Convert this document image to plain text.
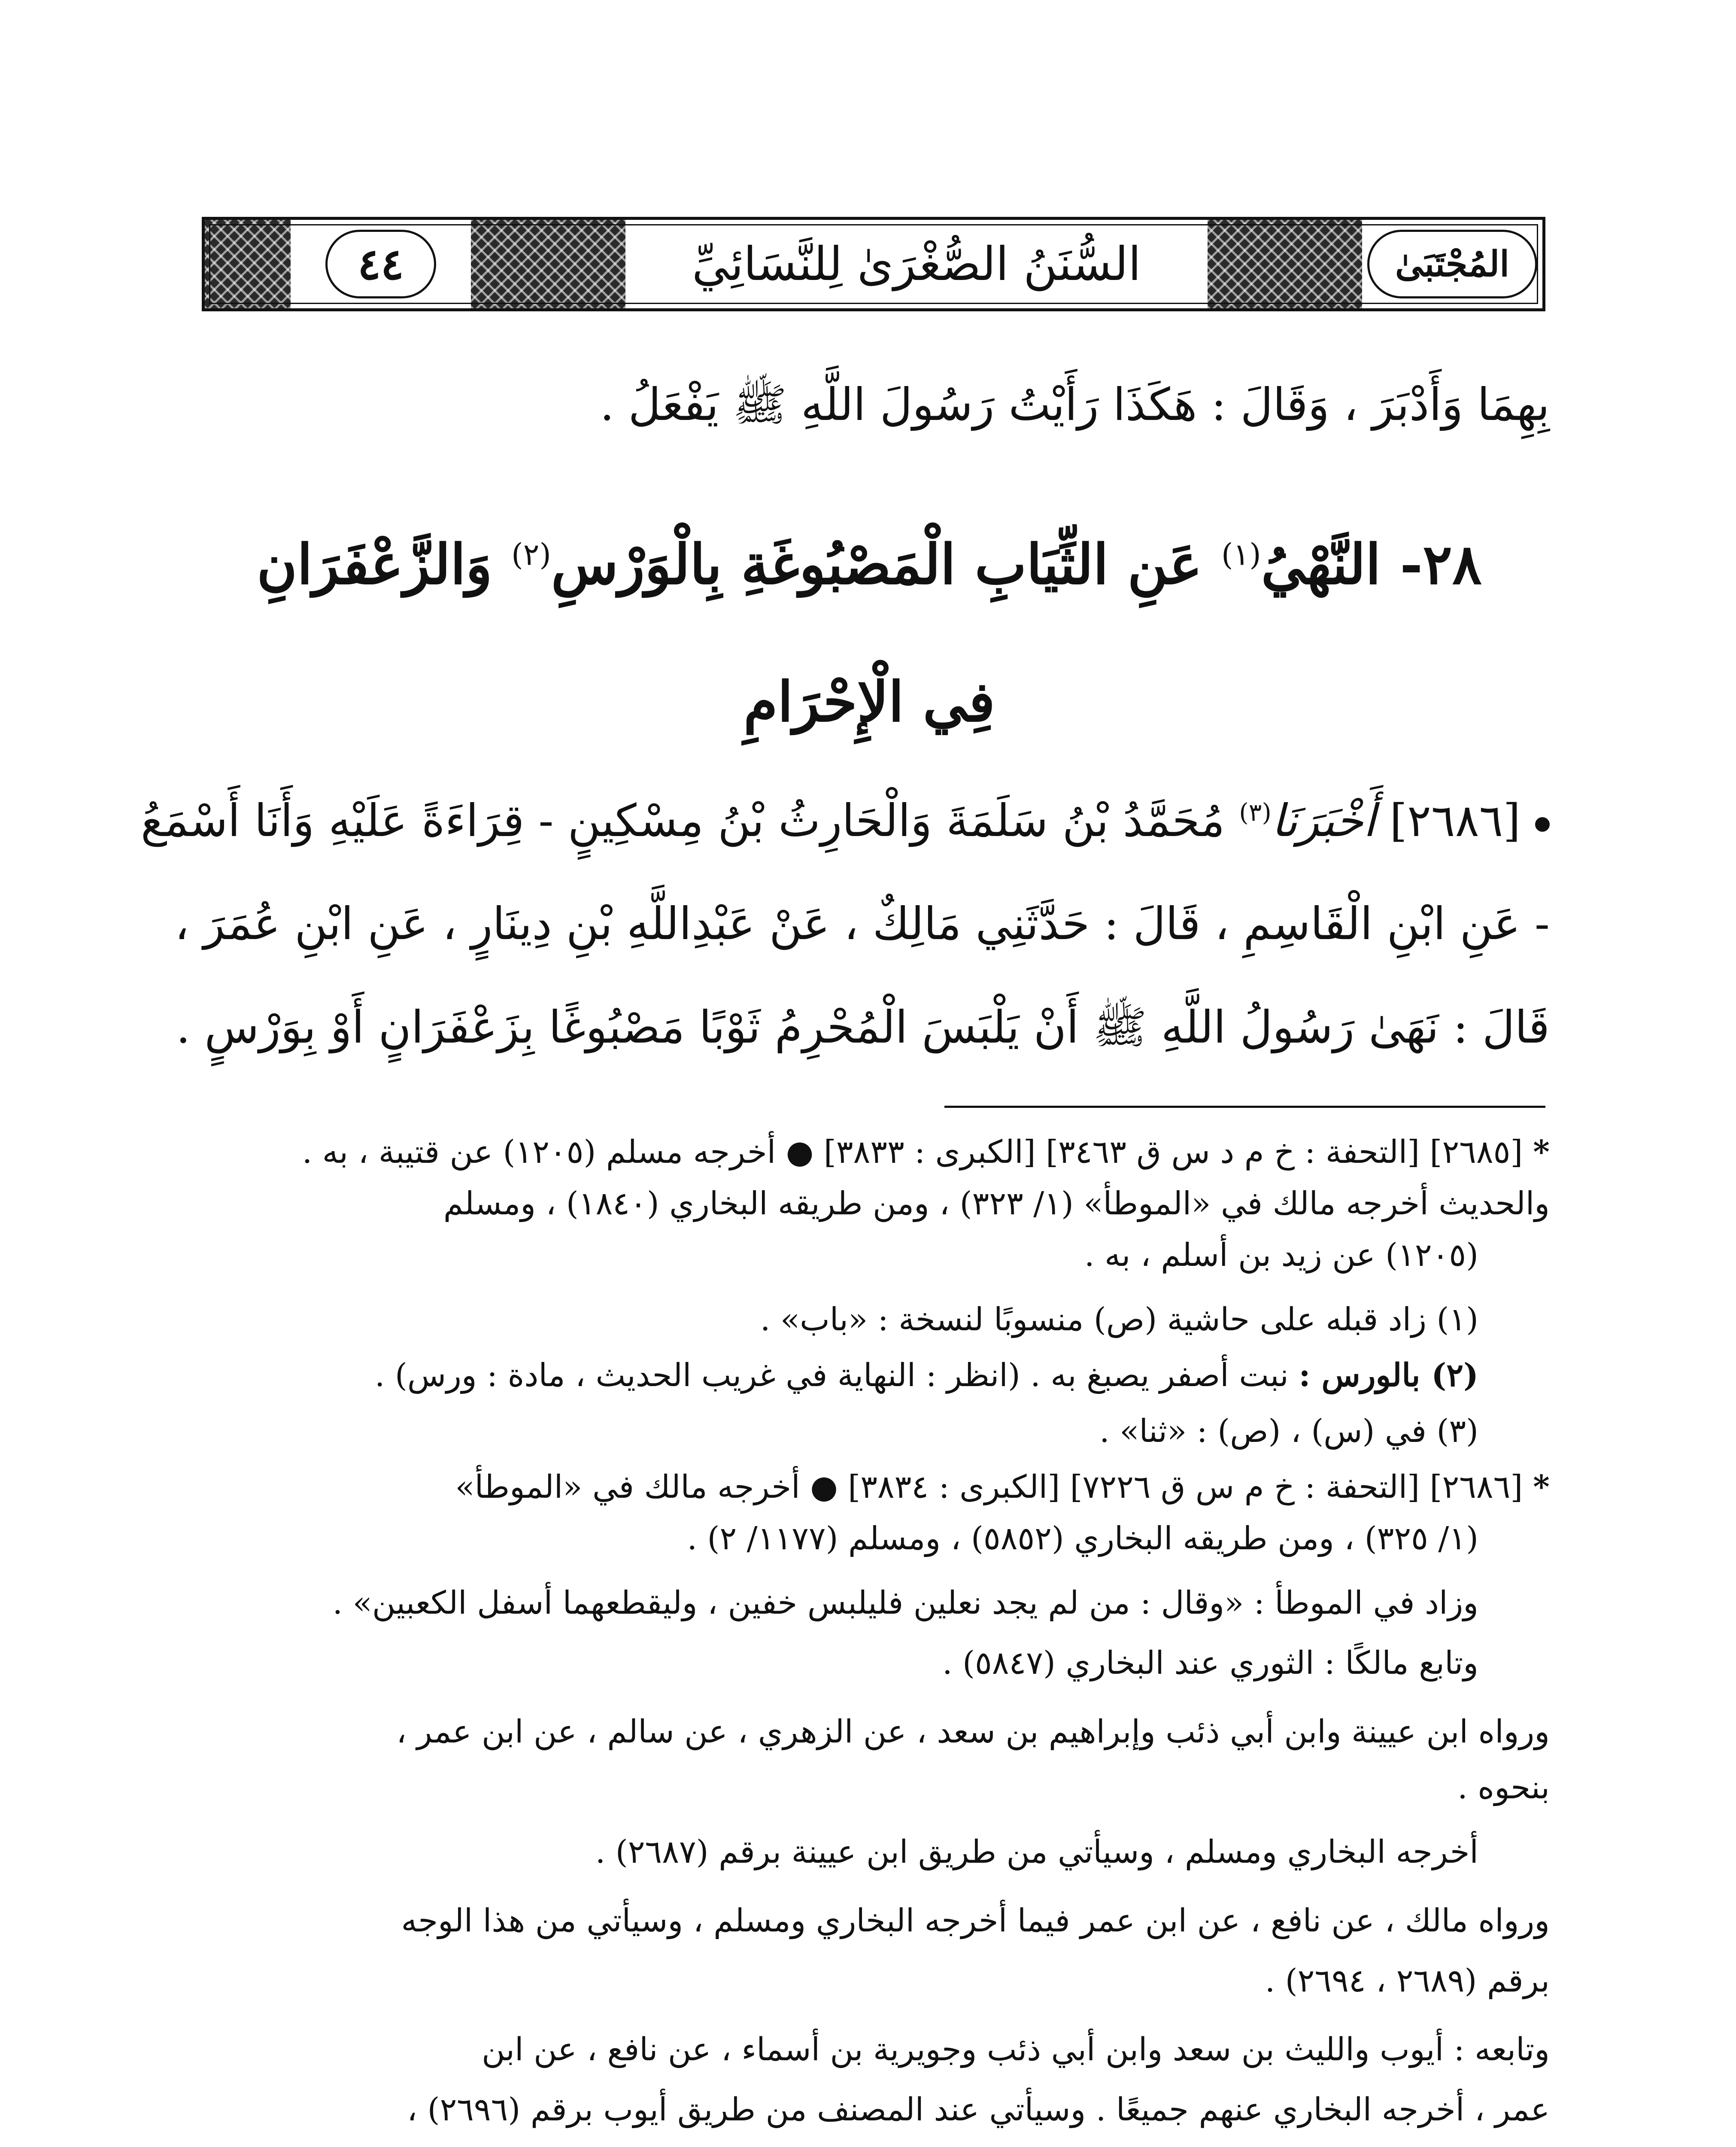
المُجْتَبَىٰ
السُّنَنُ الصُّغْرَىٰ لِلنَّسَائِيِّ
٤٤
بِهِمَا وَأَدْبَرَ ، وَقَالَ : هَكَذَا رَأَيْتُ رَسُولَ اللَّهِ ﷺ يَفْعَلُ .
٢٨- النَّهْيُ$^{(١)}$ عَنِ الثِّيَابِ الْمَصْبُوغَةِ بِالْوَرْسِ$^{(٢)}$ وَالزَّعْفَرَانِ
فِي الْإِحْرَامِ
[٢٦٨٦] أَخْبَرَنَا$^{(٣)}$ مُحَمَّدُ بْنُ سَلَمَةَ وَالْحَارِثُ بْنُ مِسْكِينٍ - قِرَاءَةً عَلَيْهِ وَأَنَا أَسْمَعُ
- عَنِ ابْنِ الْقَاسِمِ ، قَالَ : حَدَّثَنِي مَالِكٌ ، عَنْ عَبْدِاللَّهِ بْنِ دِينَارٍ ، عَنِ ابْنِ عُمَرَ ،
قَالَ : نَهَىٰ رَسُولُ اللَّهِ ﷺ أَنْ يَلْبَسَ الْمُحْرِمُ ثَوْبًا مَصْبُوغًا بِزَعْفَرَانٍ أَوْ بِوَرْسٍ .
*[٢٦٨٥] [التحفة : خ م د س ق ٣٤٦٣] [الكبرى : ٣٨٣٣] ● أخرجه مسلم (١٢٠٥) عن قتيبة ، به .
والحديث أخرجه مالك في «الموطأ» (١/ ٣٢٣) ، ومن طريقه البخاري (١٨٤٠) ، ومسلم
(١٢٠٥) عن زيد بن أسلم ، به .
(١) زاد قبله على حاشية (ص) منسوبًا لنسخة : «باب» .
(٢) بالورس : نبت أصفر يصبغ به . (انظر : النهاية في غريب الحديث ، مادة : ورس) .
(٣) في (س) ، (ص) : «ثنا» .
*[٢٦٨٦] [التحفة : خ م س ق ٧٢٢٦] [الكبرى : ٣٨٣٤] ● أخرجه مالك في «الموطأ»
(١/ ٣٢٥) ، ومن طريقه البخاري (٥٨٥٢) ، ومسلم (١١٧٧/ ٢) .
وزاد في الموطأ : «وقال : من لم يجد نعلين فليلبس خفين ، وليقطعهما أسفل الكعبين» .
وتابع مالكًا : الثوري عند البخاري (٥٨٤٧) .
ورواه ابن عيينة وابن أبي ذئب وإبراهيم بن سعد ، عن الزهري ، عن سالم ، عن ابن عمر ،
بنحوه .
أخرجه البخاري ومسلم ، وسيأتي من طريق ابن عيينة برقم (٢٦٨٧) .
ورواه مالك ، عن نافع ، عن ابن عمر فيما أخرجه البخاري ومسلم ، وسيأتي من هذا الوجه
برقم (٢٦٨٩ ، ٢٦٩٤) .
وتابعه : أيوب والليث بن سعد وابن أبي ذئب وجويرية بن أسماء ، عن نافع ، عن ابن
عمر ، أخرجه البخاري عنهم جميعًا . وسيأتي عند المصنف من طريق أيوب برقم (٢٦٩٦) ،
